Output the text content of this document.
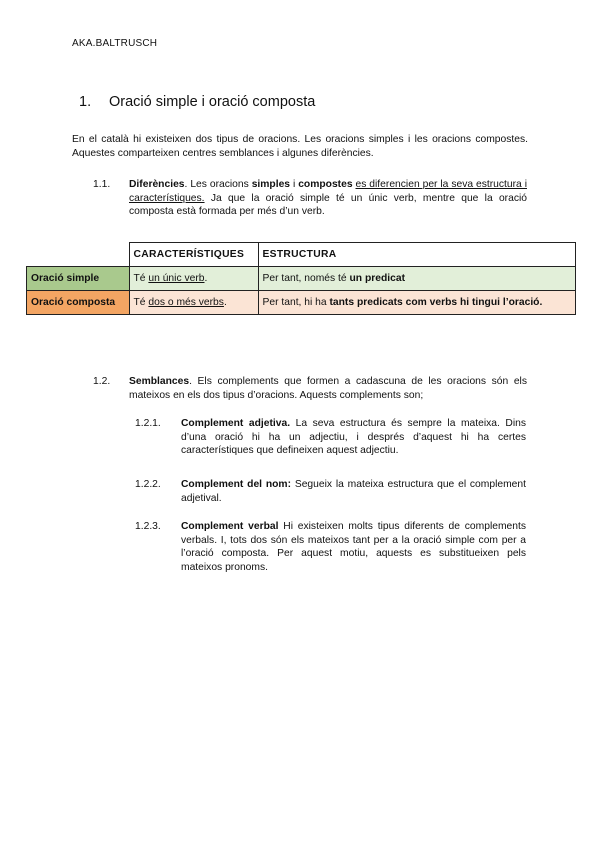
AKA.BALTRUSCH
1. Oració simple i oració composta

En el català hi existeixen dos tipus de oracions. Les oracions simples i les oracions compostes. Aquestes comparteixen centres semblances i algunes diferències.

1.1. Diferències. Les oracions simples i compostes es diferencien per la seva estructura i característiques. Ja que la oració simple té un únic verb, mentre que la oració composta està formada per més d’un verb.
	CARACTERÍSTIQUES	ESTRUCTURA
Oració simple	Té un únic verb.	Per tant, només té un predicat
Oració composta	Té dos o més verbs.	Per tant, hi ha tants predicats com verbs hi tingui l’oració.
1.2. Semblances. Els complements que formen a cadascuna de les oracions són els mateixos en els dos tipus d’oracions. Aquests complements son;
1.2.1. Complement adjetiva. La seva estructura és sempre la mateixa. Dins d’una oració hi ha un adjectiu, i després d’aquest hi ha certes característiques que defineixen aquest adjectiu.
1.2.2. Complement del nom: Segueix la mateixa estructura que el complement adjetival.
1.2.3. Complement verbal Hi existeixen molts tipus diferents de complements verbals. I, tots dos són els mateixos tant per a la oració simple com per a l’oració composta. Per aquest motiu, aquests es substitueixen pels mateixos pronoms.
